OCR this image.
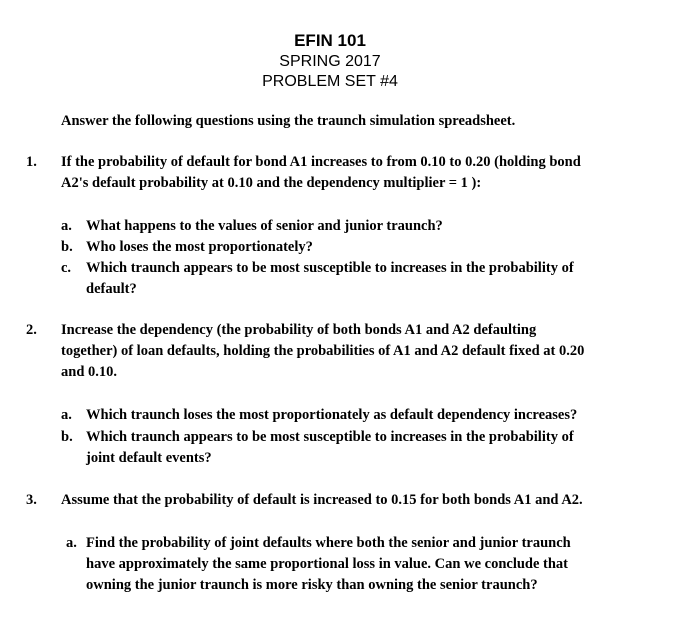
EFIN 101
SPRING 2017
PROBLEM SET #4
Answer the following questions using the traunch simulation spreadsheet.
1.	If the probability of default for bond A1 increases to from 0.10 to 0.20 (holding bond
A2's default probability at 0.10 and the dependency multiplier = 1 ):
a. What happens to the values of senior and junior traunch?
b. Who loses the most proportionately?
c. Which traunch appears to be most susceptible to increases in the probability of
default?
2.	Increase the dependency (the probability of both bonds A1 and A2 defaulting
together) of loan defaults, holding the probabilities of A1 and A2 default fixed at 0.20
and 0.10.
a. Which traunch loses the most proportionately as default dependency increases?
b. Which traunch appears to be most susceptible to increases in the probability of
joint default events?
3.	Assume that the probability of default is increased to 0.15 for both bonds A1 and A2.
a. Find the probability of joint defaults where both the senior and junior traunch
have approximately the same proportional loss in value. Can we conclude that
owning the junior traunch is more risky than owning the senior traunch?
